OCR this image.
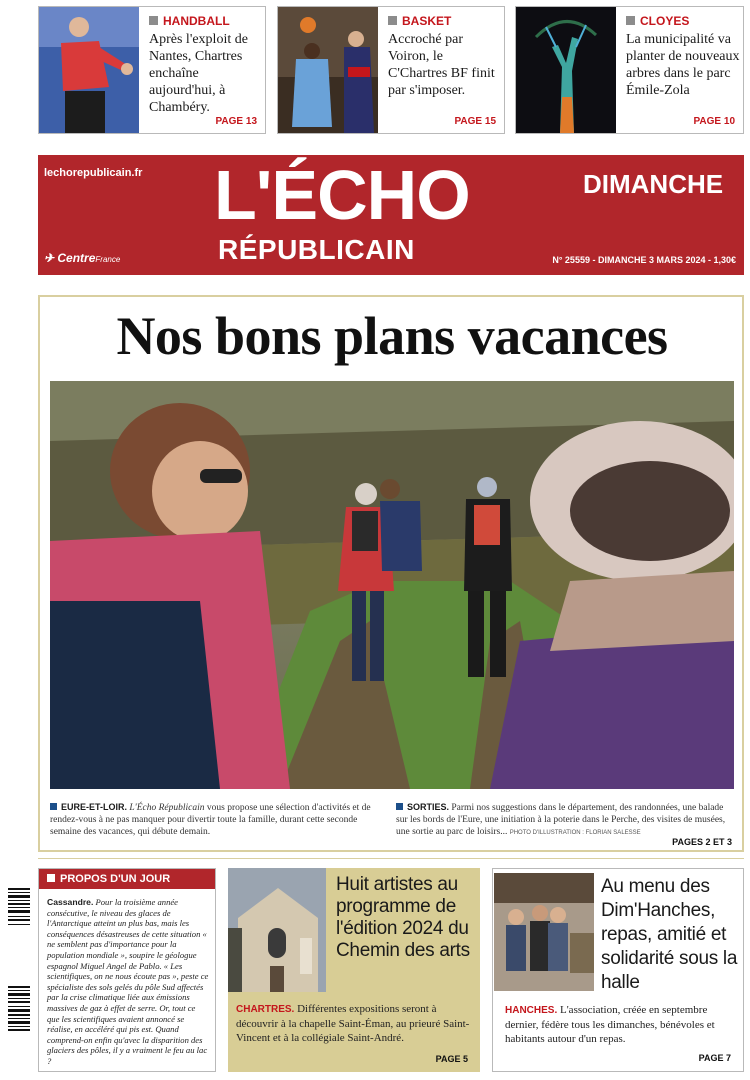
HANDBALL
Après l'exploit de Nantes, Chartres enchaîne aujourd'hui, à Chambéry.
PAGE 13
BASKET
Accroché par Voiron, le C'Chartres BF finit par s'imposer.
PAGE 15
CLOYES
La municipalité va planter de nouveaux arbres dans le parc Émile-Zola
PAGE 10
lechorepublicain.fr L'ÉCHO
RÉPUBLICAIN
DIMANCHE
✈ CentreFrance	N° 25559 - DIMANCHE 3 MARS 2024 - 1,30€
Nos bons plans vacances
EURE-ET-LOIR. L'Écho Républicain vous propose une sélection d'activités et de rendez-vous à ne pas manquer pour divertir toute la famille, durant cette seconde semaine des vacances, qui débute demain.
SORTIES. Parmi nos suggestions dans le département, des randonnées, une balade sur les bords de l'Eure, une initiation à la poterie dans le Perche, des visites de musées, une sortie au parc de loisirs... PHOTO D'ILLUSTRATION : FLORIAN SALESSE
PAGES 2 ET 3
PROPOS D'UN JOUR
Cassandre. Pour la troisième année consécutive, le niveau des glaces de l'Antarctique atteint un plus bas, mais les conséquences désastreuses de cette situation « ne semblent pas d'importance pour la population mondiale », soupire le géologue espagnol Miguel Angel de Pablo. « Les scientifiques, on ne nous écoute pas », peste ce spécialiste des sols gelés du pôle Sud affectés par la crise climatique liée aux émissions massives de gaz à effet de serre. Or, tout ce que les scientifiques avaient annoncé se réalise, en accéléré qui pis est. Quand comprend-on enfin qu'avec la disparition des glaciers des pôles, il y a vraiment le feu au lac ?
Huit artistes au programme de l'édition 2024 du Chemin des arts
CHARTRES. Différentes expositions seront à découvrir à la chapelle Saint-Éman, au prieuré Saint-Vincent et à la collégiale Saint-André.
PAGE 5
Au menu des Dim'Hanches, repas, amitié et solidarité sous la halle
HANCHES. L'association, créée en septembre dernier, fédère tous les dimanches, bénévoles et habitants autour d'un repas.
PAGE 7
